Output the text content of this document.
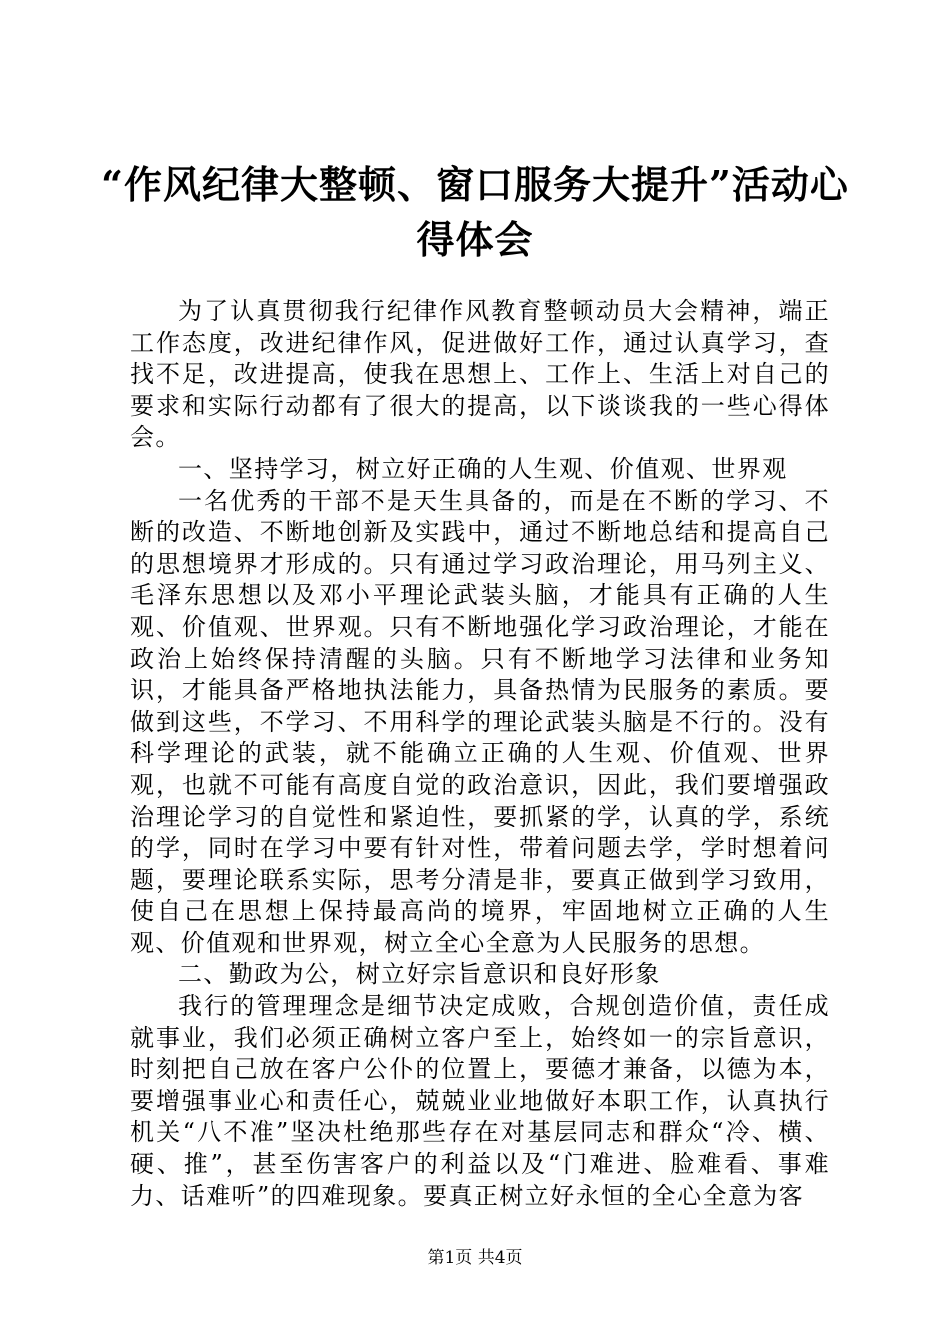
“作风纪律大整顿、窗口服务大提升”活动心
得体会

为了认真贯彻我行纪律作风教育整顿动员大会精神，端正工作态度，改进纪律作风，促进做好工作，通过认真学习，查找不足，改进提高，使我在思想上、工作上、生活上对自己的要求和实际行动都有了很大的提高，以下谈谈我的一些心得体会。

一、坚持学习，树立好正确的人生观、价值观、世界观

一名优秀的干部不是天生具备的，而是在不断的学习、不断的改造、不断地创新及实践中，通过不断地总结和提高自己的思想境界才形成的。只有通过学习政治理论，用马列主义、毛泽东思想以及邓小平理论武装头脑，才能具有正确的人生观、价值观、世界观。只有不断地强化学习政治理论，才能在政治上始终保持清醒的头脑。只有不断地学习法律和业务知识，才能具备严格地执法能力，具备热情为民服务的素质。要做到这些，不学习、不用科学的理论武装头脑是不行的。没有科学理论的武装，就不能确立正确的人生观、价值观、世界观，也就不可能有高度自觉的政治意识，因此，我们要增强政治理论学习的自觉性和紧迫性，要抓紧的学，认真的学，系统的学，同时在学习中要有针对性，带着问题去学，学时想着问题，要理论联系实际，思考分清是非，要真正做到学习致用，使自己在思想上保持最高尚的境界，牢固地树立正确的人生观、价值观和世界观，树立全心全意为人民服务的思想。

二、勤政为公，树立好宗旨意识和良好形象

我行的管理理念是细节决定成败，合规创造价值，责任成就事业，我们必须正确树立客户至上，始终如一的宗旨意识，时刻把自己放在客户公仆的位置上，要德才兼备，以德为本，要增强事业心和责任心，兢兢业业地做好本职工作，认真执行机关“八不准”坚决杜绝那些存在对基层同志和群众“冷、横、硬、推”，甚至伤害客户的利益以及“门难进、脸难看、事难力、话难听”的四难现象。要真正树立好永恒的全心全意为客

第1页 共4页
